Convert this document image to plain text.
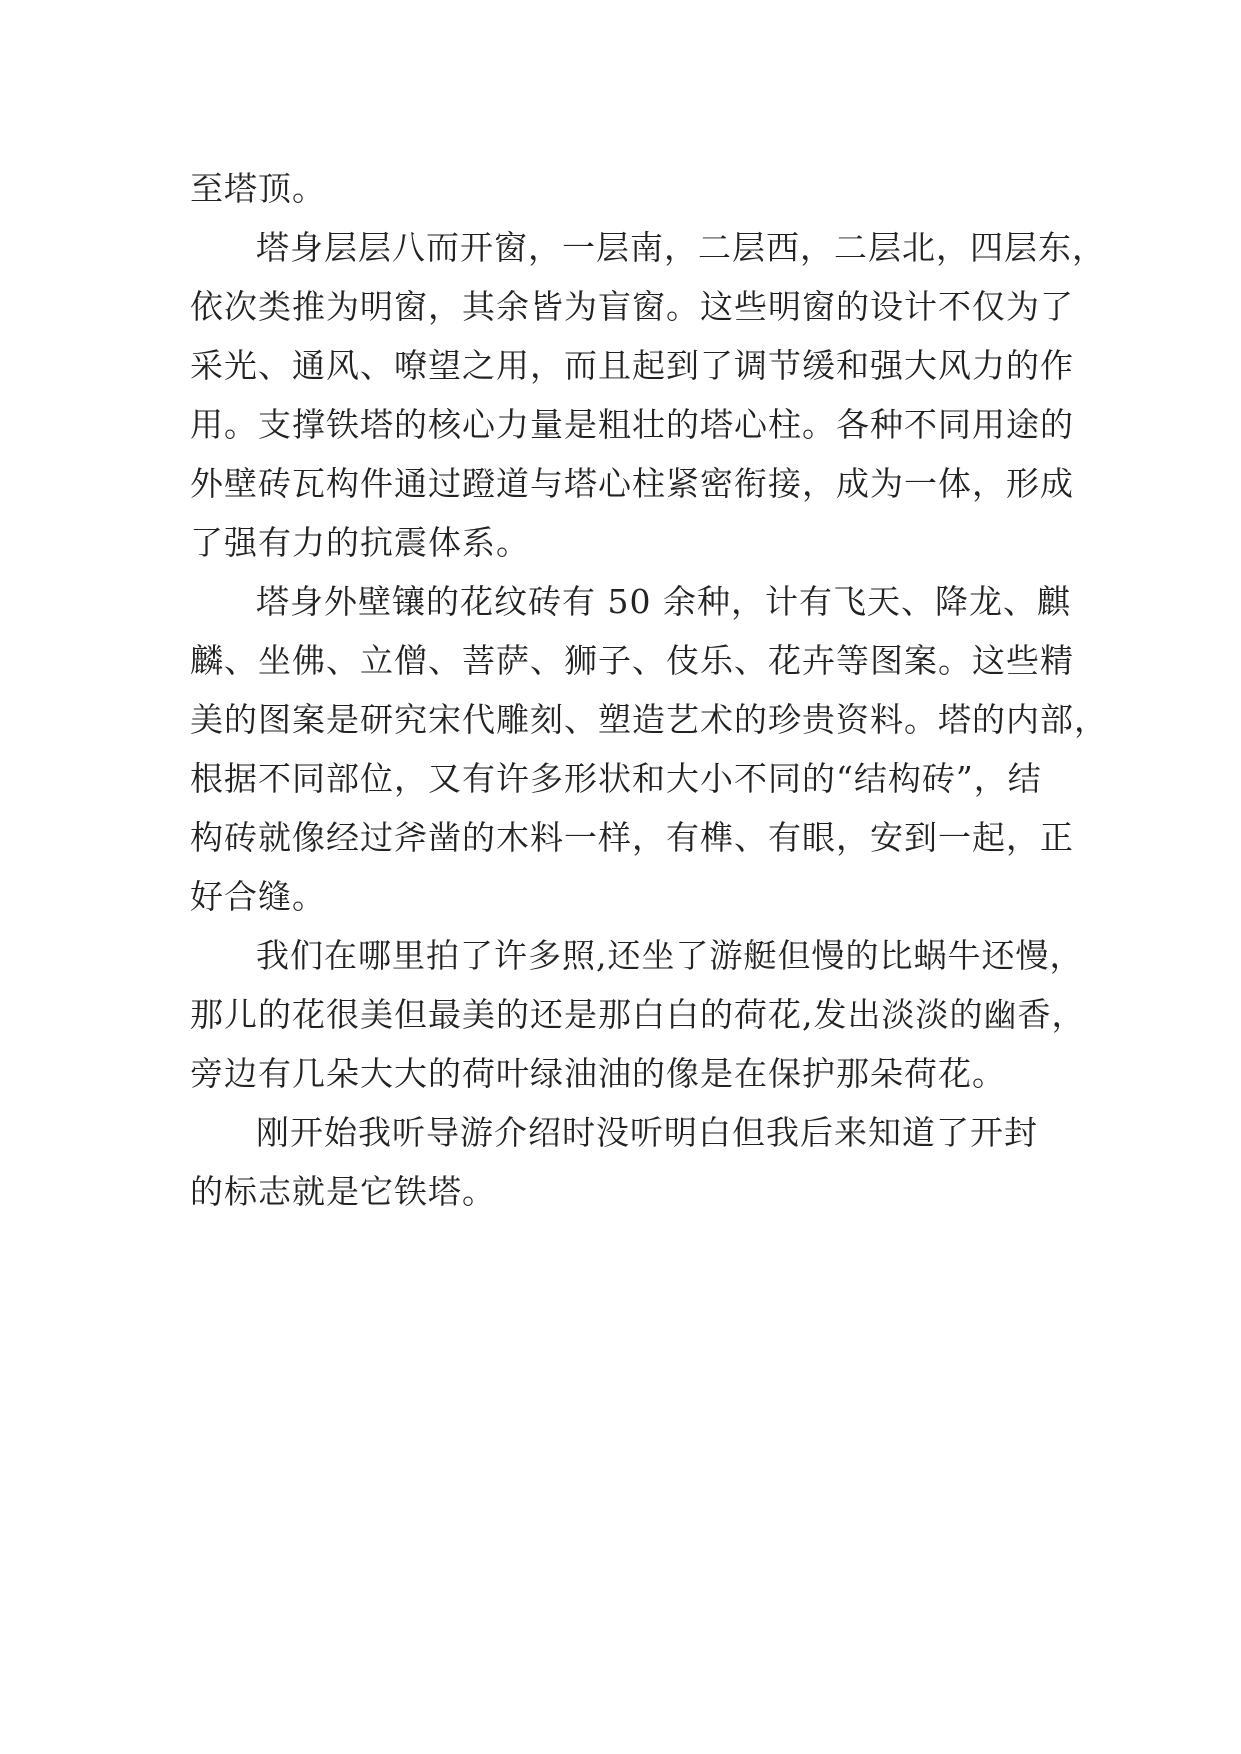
至塔顶。
塔身层层八而开窗，一层南，二层西，二层北，四层东，
依次类推为明窗，其余皆为盲窗。这些明窗的设计不仅为了
采光、通风、嘹望之用，而且起到了调节缓和强大风力的作
用。支撑铁塔的核心力量是粗壮的塔心柱。各种不同用途的
外壁砖瓦构件通过蹬道与塔心柱紧密衔接，成为一体，形成
了强有力的抗震体系。
塔身外壁镶的花纹砖有 50 余种，计有飞天、降龙、麒
麟、坐佛、立僧、菩萨、狮子、伎乐、花卉等图案。这些精
美的图案是研究宋代雕刻、塑造艺术的珍贵资料。塔的内部，
根据不同部位，又有许多形状和大小不同的“结构砖”，结
构砖就像经过斧凿的木料一样，有榫、有眼，安到一起，正
好合缝。
我们在哪里拍了许多照,还坐了游艇但慢的比蜗牛还慢，
那儿的花很美但最美的还是那白白的荷花,发出淡淡的幽香，
旁边有几朵大大的荷叶绿油油的像是在保护那朵荷花。
刚开始我听导游介绍时没听明白但我后来知道了开封
的标志就是它铁塔。
